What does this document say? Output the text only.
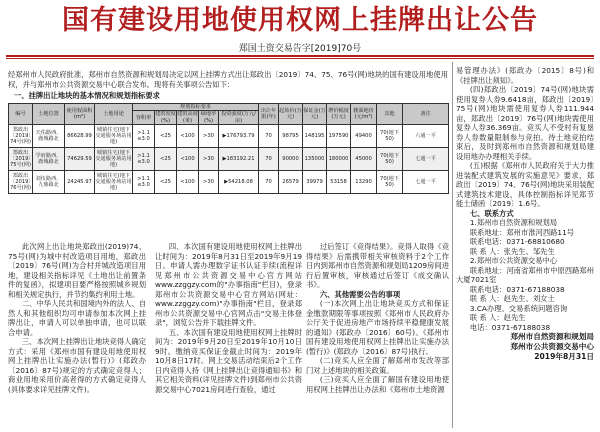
国有建设用地使用权网上挂牌出让公告
郑国土资交易告字[2019]70号
经郑州市人民政府批准，郑州市自然资源和规划局决定以网上挂牌方式出让郑政出〔2019〕74、75、76号(网)地块的国有建设用地使用权，并与郑州市公共资源交易中心联合发布。现将有关事项公告如下：
一、挂牌出让地块的基本情况和规划指标要求
编号	土地位置	使用权面积(m²)	土地用途	规划指标要求					出让年限(年)	起始价(万元)	保证金(万元)	增价幅度(万元)	楼面地价(元/m²)	其他	备注
				容积率	建筑密度(%)	建筑高度(米)	绿地率(%)	投资强度(万元/亩)							
郑政出〔2019〕74号(网)	天佑路西、鹿城路北	86628.99	城镇住宅(地下交通服务场站用地)	>1.1 ≤3.0	<25	<100	>30	▶176793.79	70	98795	148195	197590	49400	70(地下50)	六通一平
郑政出〔2019〕75号(网)	学府路西、鹿城路北	74629.59	城镇住宅(地下交通服务场站用地)	>1.1 ≤3.0	<25	<100	>30	▶183192.21	70	90000	135000	180000	45000	70(地下50)	七通一平
郑政出〔2019〕76号(网)	刘伍路西、九鼎路北	24245.97	城镇住宅(地下交通服务场站用地)	>1.1 ≤3.0	<25	<100	>30	▶54218.08	70	26579	39979	53158	13290	70(地下50)	七通一平

此次网上出让地块郑政出(2019)74、75号(网)为城中村改造项目用地，郑政出〔2019〕76号(网)为合村并城改造项目用地，建设相关指标详见《土地出让前置条件的复函》，拟建项目要严格按照城乡规划和相关规定执行，并节约集约利用土地。

二、中华人民共和国境内外的法人、自然人和其他组织均可申请参加本次网上挂牌出让，申请人可以单独申请，也可以联合申请。

三、本次网上挂牌出让地块竞得人确定方式：采用《郑州市国有建设用地使用权网上挂牌出让实施办法(暂行)》(郑政办〔2016〕87号)规定的方式确定竞得人；商业用地采用价高者得的方式确定竞得人(具体要求详见挂牌文件)。

四、本次国有建设用地使用权网上挂牌出让时间为：2019年8月31日至2019年9月19日。申请人需办理数字证书认证手续(流程详见郑州市公共资源交易中心官方网站www.zzggzy.com的"办事指南"栏目)，登录郑州市公共资源交易中心官方网站(网址：www.zzggzy.com)"办事指南"栏目，登录郑州市公共资源交易中心官网点击"交易主体登录"，浏览公告并下载挂牌文件。

五、本次国有建设用地使用权网上挂牌时间为：2019年9月20日至2019年10月10日9时。缴纳竞买保证金截止时间为：2019年10月8日17时。网上交易活动结束后2个工作日内竞得人持《网上挂牌出让竞得通知书》和其它相关资料(详见挂牌文件)到郑州市公共资源交易中心7021房间进行查验，通过

过后签订《竞得结果》。竞得人取得《竞得结果》后需携带相关审核资料于2个工作日内到郑州市自然资源和规划局1209房间进行后置审核，审核通过后签订《成交确认书》。

六、其他需要公告的事项

(一)本次网上出让地块竞买方式和保证金缴款期限等事项按照《郑州市人民政府办公厅关于促进房地产市场持续平稳健康发展的通知》(郑政办〔2016〕60号)、《郑州市国有建设用地使用权网上挂牌出让实施办法(暂行)》(郑政办〔2016〕87号)执行。

(二)竞买人应全面了解郑州市发改等部门对上述地块的相关政策。

(三)竞买人应全面了解国有建设用地使用权网上挂牌出让办法和《郑州市土地资源

易管理办法》(郑政办〔2015〕8号)和《挂牌出让须知》。

(四)郑政出〔2019〕74号(网)地块需使用复券人券9.6418亩，郑政出〔2019〕75号(网)地块需使用复券人券111.944亩，郑政出〔2019〕76号(网)地块需使用复券人券36.369亩。竞买人不受村有复垦券人券数量限制参与竞拍。待土地竞拍结束后，及时到郑州市自然资源和规划局建设用地办办理相关手续。

(五)根据《郑州市人民政府关于大力推进装配式建筑发展的实施意见》要求，郑政出〔2019〕74、76号(网)地块采用装配式建筑技术建设，具体控制指标详见郑节能土储函〔2019〕1.6号。

七、联系方式

1.郑州市自然资源和规划局

联系地址：郑州市淮河西路11号

联系电话：0371-68810680

联 系 人：张先生、邹先生

2.郑州市公共资源交易中心

联系地址：河南省郑州市中原西路郑州大厦7021室

联系电话：0371-67188038

联 系 人：赵先生、刘女士

3.CA办理、交易系统问题咨询

联 系 人：赵先生

电话：0371-67188038

郑州市自然资源和规划局

郑州市公共资源交易中心

2019年8月31日
